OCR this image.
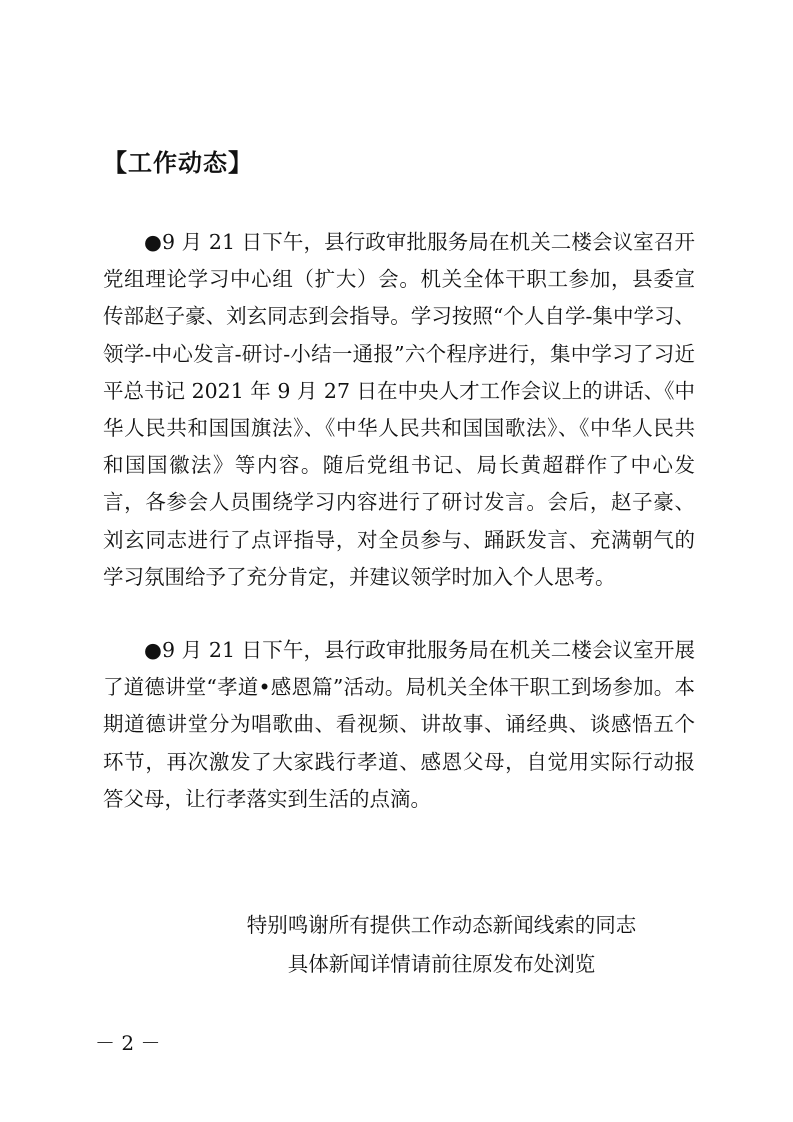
【工作动态】

●9 月 21 日下午，县行政审批服务局在机关二楼会议室召开党组理论学习中心组（扩大）会。机关全体干职工参加，县委宣传部赵子豪、刘玄同志到会指导。学习按照“个人自学-集中学习、领学-中心发言-研讨-小结一通报”六个程序进行，集中学习了习近平总书记 2021 年 9 月 27 日在中央人才工作会议上的讲话、《中华人民共和国国旗法》、《中华人民共和国国歌法》、《中华人民共和国国徽法》等内容。随后党组书记、局长黄超群作了中心发言，各参会人员围绕学习内容进行了研讨发言。会后，赵子豪、刘玄同志进行了点评指导，对全员参与、踊跃发言、充满朝气的学习氛围给予了充分肯定，并建议领学时加入个人思考。

●9 月 21 日下午，县行政审批服务局在机关二楼会议室开展了道德讲堂“孝道•感恩篇”活动。局机关全体干职工到场参加。本期道德讲堂分为唱歌曲、看视频、讲故事、诵经典、谈感悟五个环节，再次激发了大家践行孝道、感恩父母，自觉用实际行动报答父母，让行孝落实到生活的点滴。

特别鸣谢所有提供工作动态新闻线索的同志
具体新闻详情请前往原发布处浏览
－ 2 －
